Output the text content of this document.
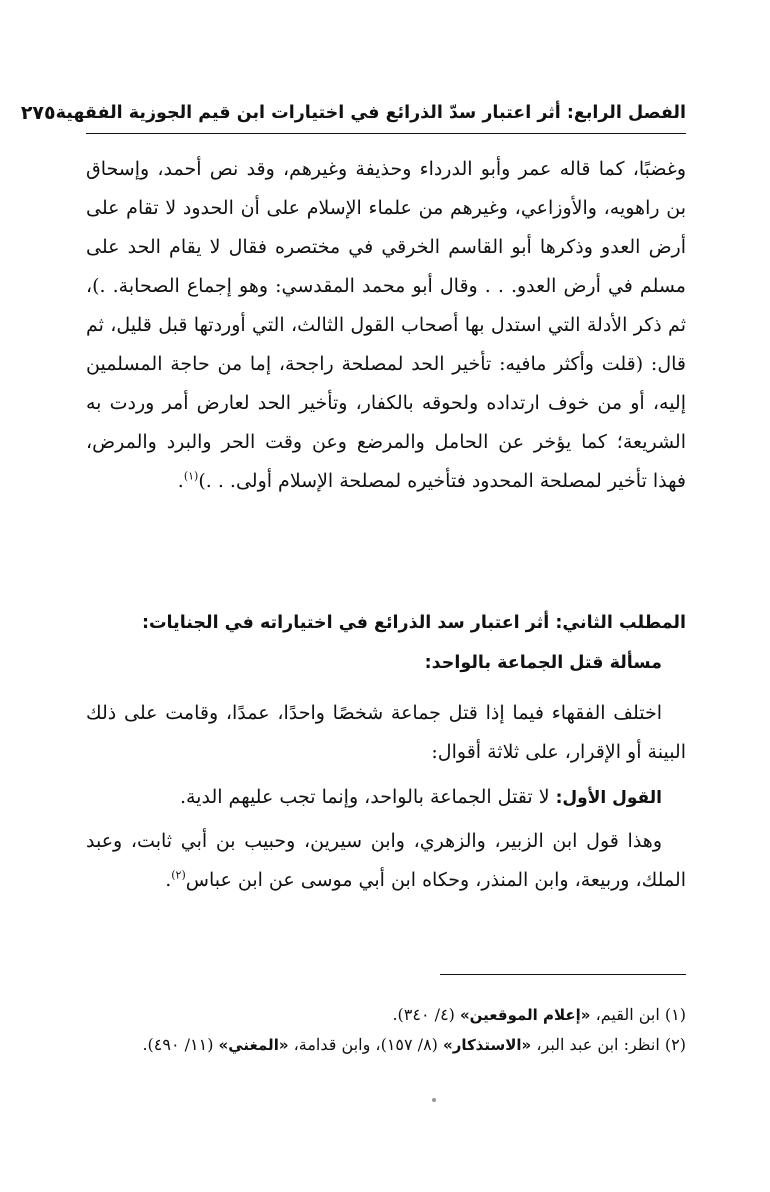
الفصل الرابع: أثر اعتبار سدّ الذرائع في اختيارات ابن قيم الجوزية الفقهية
٢٧٥
وغضبًا، كما قاله عمر وأبو الدرداء وحذيفة وغيرهم، وقد نص أحمد، وإسحاق بن راهويه، والأوزاعي، وغيرهم من علماء الإسلام على أن الحدود لا تقام على أرض العدو وذكرها أبو القاسم الخرقي في مختصره فقال لا يقام الحد على مسلم في أرض العدو. . . وقال أبو محمد المقدسي: وهو إجماع الصحابة. .)، ثم ذكر الأدلة التي استدل بها أصحاب القول الثالث، التي أوردتها قبل قليل، ثم قال: (قلت وأكثر مافيه: تأخير الحد لمصلحة راجحة، إما من حاجة المسلمين إليه، أو من خوف ارتداده ولحوقه بالكفار، وتأخير الحد لعارض أمر وردت به الشريعة؛ كما يؤخر عن الحامل والمرضع وعن وقت الحر والبرد والمرض، فهذا تأخير لمصلحة المحدود فتأخيره لمصلحة الإسلام أولى. . .)$^{(١)}$.
المطلب الثاني: أثر اعتبار سد الذرائع في اختياراته في الجنايات:
مسألة قتل الجماعة بالواحد:
اختلف الفقهاء فيما إذا قتل جماعة شخصًا واحدًا، عمدًا، وقامت على ذلك البينة أو الإقرار، على ثلاثة أقوال:
القول الأول: لا تقتل الجماعة بالواحد، وإنما تجب عليهم الدية.
وهذا قول ابن الزبير، والزهري، وابن سيرين، وحبيب بن أبي ثابت، وعبد الملك، وربيعة، وابن المنذر، وحكاه ابن أبي موسى عن ابن عباس$^{(٢)}$.
(١) ابن القيم، «إعلام الموقعين» (٤/ ٣٤٠).
(٢) انظر: ابن عبد البر، «الاستذكار» (٨/ ١٥٧)، وابن قدامة، «المغني» (١١/ ٤٩٠).
